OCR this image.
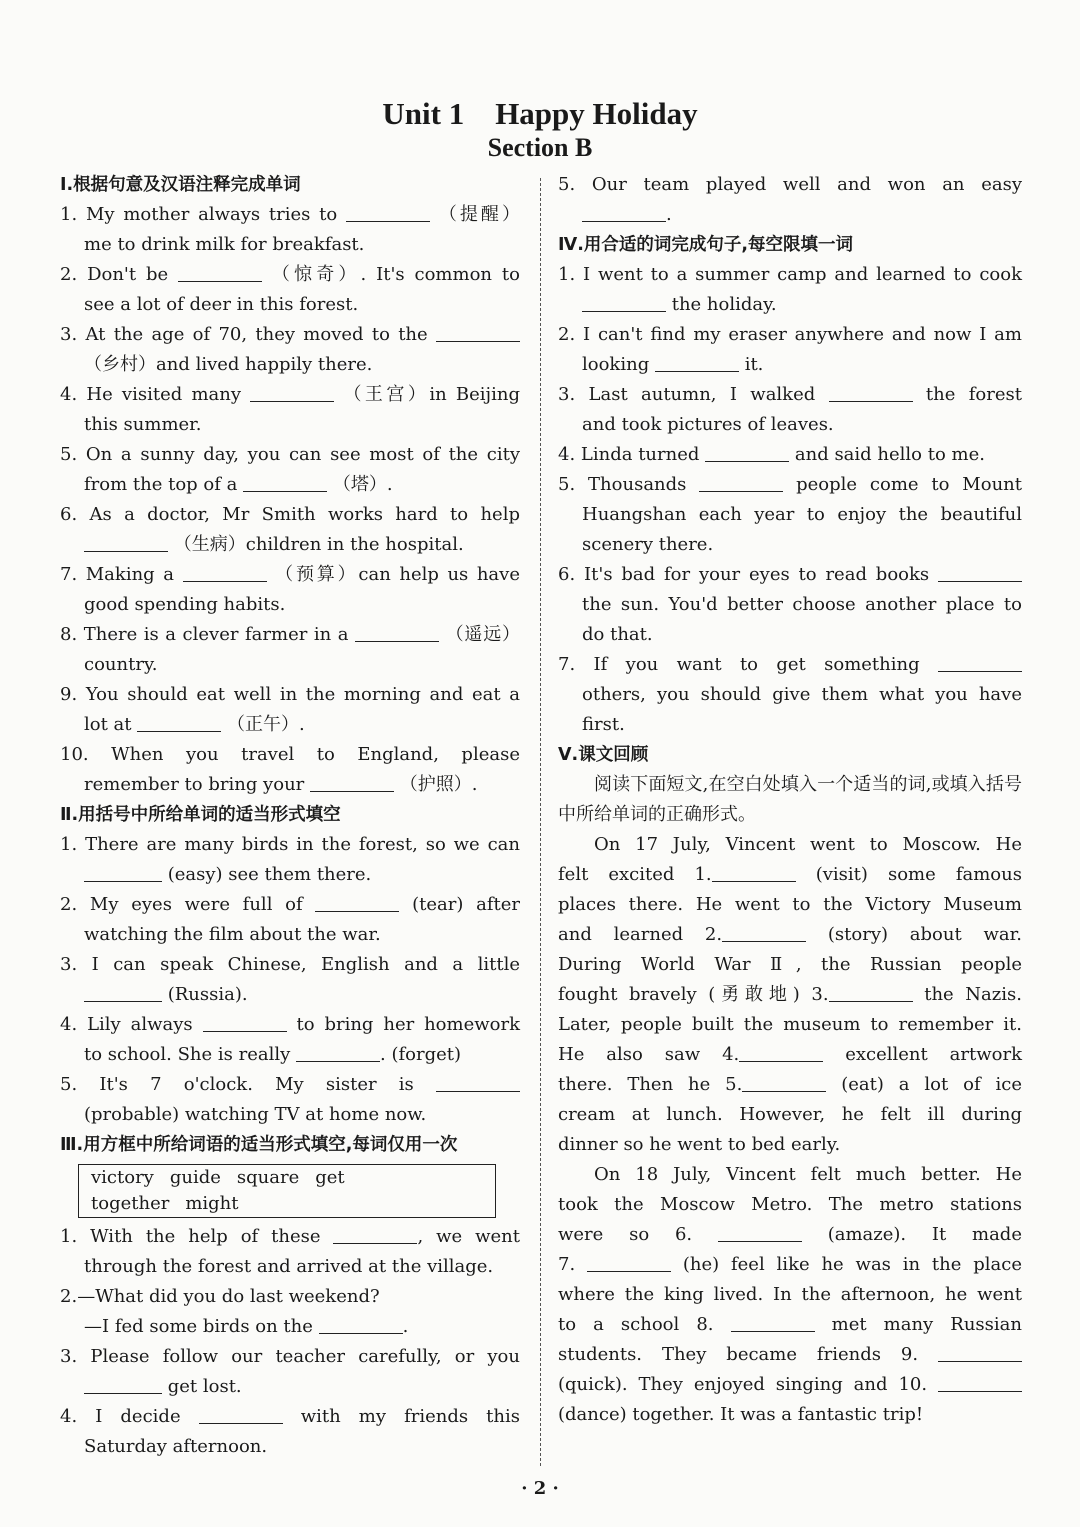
Unit 1　Happy Holiday
Section B
Ⅰ.根据句意及汉语注释完成单词
1. My mother always tries to	（提醒）
me to drink milk for breakfast.
2. Don't be	（惊奇）. It's common to
see a lot of deer in this forest.
3. At the age of 70, they moved to the
（乡村）and lived happily there.
4. He visited many	（王宫）in Beijing
this summer.
5. On a sunny day, you can see most of the city
from the top of a	（塔）.
6. As a doctor, Mr Smith works hard to help
（生病）children in the hospital.
7. Making a	（预算）can help us have
good spending habits.
8. There is a clever farmer in a	（遥远）
country.
9. You should eat well in the morning and eat a
lot at	（正午）.
10. When you travel to England, please
remember to bring your	（护照）.
Ⅱ.用括号中所给单词的适当形式填空
1. There are many birds in the forest, so we can
(easy) see them there.
2. My eyes were full of	(tear) after
watching the film about the war.
3. I can speak Chinese, English and a little
(Russia).
4. Lily always	to bring her homework
to school. She is really	. (forget)
5. It's 7 o'clock. My sister is
(probable) watching TV at home now.
Ⅲ.用方框中所给词语的适当形式填空,每词仅用一次
victory guide square get together might
1. With the help of these	, we went
through the forest and arrived at the village.
2.—What did you do last weekend?
—I fed some birds on the	.
3. Please follow our teacher carefully, or you
get lost.
4. I decide	with my friends this
Saturday afternoon.
5. Our team played well and won an easy
.
Ⅳ.用合适的词完成句子,每空限填一词
1. I went to a summer camp and learned to cook
the holiday.
2. I can't find my eraser anywhere and now I am
looking	it.
3. Last autumn, I walked	the forest
and took pictures of leaves.
4. Linda turned	and said hello to me.
5. Thousands	people come to Mount
Huangshan each year to enjoy the beautiful scenery there.
6. It's bad for your eyes to read books
the sun. You'd better choose another place to do that.
7. If you want to get something
others, you should give them what you have first.
Ⅴ.课文回顾
阅读下面短文,在空白处填入一个适当的词,或填入括号中所给单词的正确形式。
On 17 July, Vincent went to Moscow. He
felt excited 1.	(visit) some famous
places there. He went to the Victory Museum
and learned 2.	(story) about war.
During World War Ⅱ, the Russian people
fought bravely (勇敢地) 3.	the Nazis.
Later, people built the museum to remember it.
He also saw 4.	excellent artwork
there. Then he 5.	(eat) a lot of ice
cream at lunch. However, he felt ill during
dinner so he went to bed early.
On 18 July, Vincent felt much better. He
took the Moscow Metro. The metro stations
were so 6.	(amaze). It made
7.	(he) feel like he was in the place
where the king lived. In the afternoon, he went
to a school 8.	met many Russian
students. They became friends 9.
(quick). They enjoyed singing and 10.
(dance) together. It was a fantastic trip!
· 2 ·
